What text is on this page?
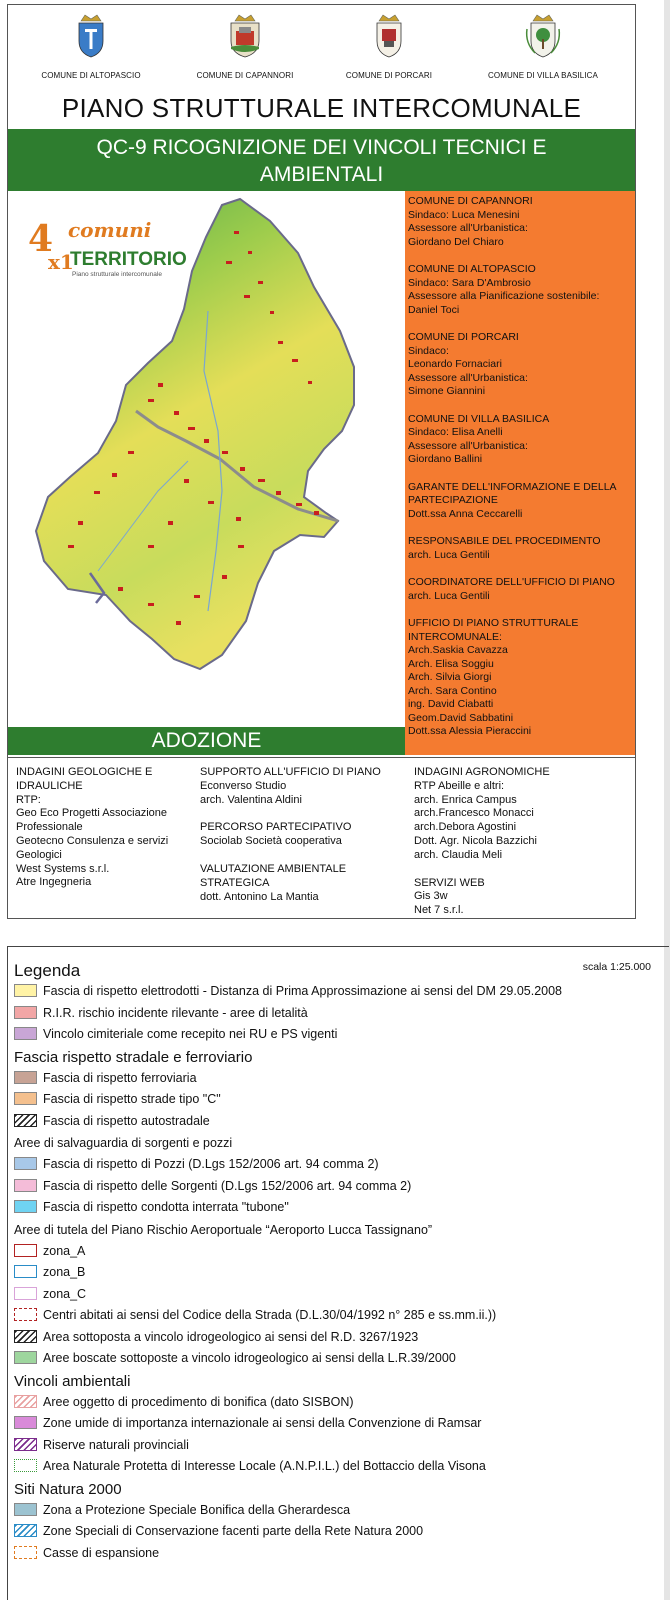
COMUNE DI ALTOPASCIO	COMUNE DI CAPANNORI	COMUNE DI PORCARI	COMUNE DI VILLA BASILICA
PIANO STRUTTURALE INTERCOMUNALE
QC-9 RICOGNIZIONE DEI VINCOLI TECNICI E
AMBIENTALI
4
x1
comuni
TERRITORIO
Piano strutturale intercomunale
COMUNE DI CAPANNORI
Sindaco: Luca Menesini
Assessore all'Urbanistica:
Giordano Del Chiaro
COMUNE DI ALTOPASCIO
Sindaco: Sara D'Ambrosio
Assessore alla Pianificazione sostenibile:
Daniel Toci
COMUNE DI PORCARI
Sindaco:
Leonardo Fornaciari
Assessore all'Urbanistica:
Simone Giannini
COMUNE DI VILLA BASILICA
Sindaco: Elisa Anelli
Assessore all'Urbanistica:
Giordano Ballini
GARANTE DELL'INFORMAZIONE E DELLA
PARTECIPAZIONE
Dott.ssa Anna Ceccarelli
RESPONSABILE DEL PROCEDIMENTO
arch. Luca Gentili
COORDINATORE DELL'UFFICIO DI PIANO
arch. Luca Gentili
UFFICIO DI PIANO STRUTTURALE
INTERCOMUNALE:
Arch.Saskia Cavazza
Arch. Elisa Soggiu
Arch. Silvia Giorgi
Arch. Sara Contino
ing. David Ciabatti
Geom.David Sabbatini
Dott.ssa Alessia Pieraccini
ADOZIONE
INDAGINI GEOLOGICHE E
IDRAULICHE
RTP:
Geo Eco Progetti Associazione
Professionale
Geotecno Consulenza e servizi
Geologici
West Systems s.r.l.
Atre Ingegneria
SUPPORTO ALL'UFFICIO DI PIANO
Econverso Studio
arch. Valentina Aldini
PERCORSO PARTECIPATIVO
Sociolab Società cooperativa
VALUTAZIONE AMBIENTALE
STRATEGICA
dott. Antonino La Mantia
INDAGINI AGRONOMICHE
RTP Abeille e altri:
arch. Enrica Campus
arch.Francesco Monacci
arch.Debora Agostini
Dott. Agr. Nicola Bazzichi
arch. Claudia Meli
SERVIZI WEB
Gis 3w
Net 7 s.r.l.
Legenda	scala 1:25.000
Fascia di rispetto elettrodotti - Distanza di Prima Approssimazione ai sensi del DM 29.05.2008
R.I.R. rischio incidente rilevante - aree di letalità
Vincolo cimiteriale come recepito nei RU e PS vigenti
Fascia rispetto stradale e ferroviario
Fascia di rispetto ferroviaria
Fascia di rispetto strade tipo "C"
Fascia di rispetto autostradale
Aree di salvaguardia di sorgenti e pozzi
Fascia di rispetto di Pozzi (D.Lgs 152/2006 art. 94 comma 2)
Fascia di rispetto delle Sorgenti (D.Lgs 152/2006 art. 94 comma 2)
Fascia di rispetto condotta interrata "tubone"
Aree di tutela del Piano Rischio Aeroportuale “Aeroporto Lucca Tassignano”
zona_A
zona_B
zona_C
Centri abitati ai sensi del Codice della Strada (D.L.30/04/1992 n° 285 e ss.mm.ii.))
Area sottoposta a vincolo idrogeologico ai sensi del R.D. 3267/1923
Aree boscate sottoposte a vincolo idrogeologico ai sensi della L.R.39/2000
Vincoli ambientali
Aree oggetto di procedimento di bonifica (dato SISBON)
Zone umide di importanza internazionale ai sensi della Convenzione di Ramsar
Riserve naturali provinciali
Area Naturale Protetta di Interesse Locale (A.N.P.I.L.) del Bottaccio della Visona
Siti Natura 2000
Zona a Protezione Speciale Bonifica della Gherardesca
Zone Speciali di Conservazione facenti parte della Rete Natura 2000
Casse di espansione
